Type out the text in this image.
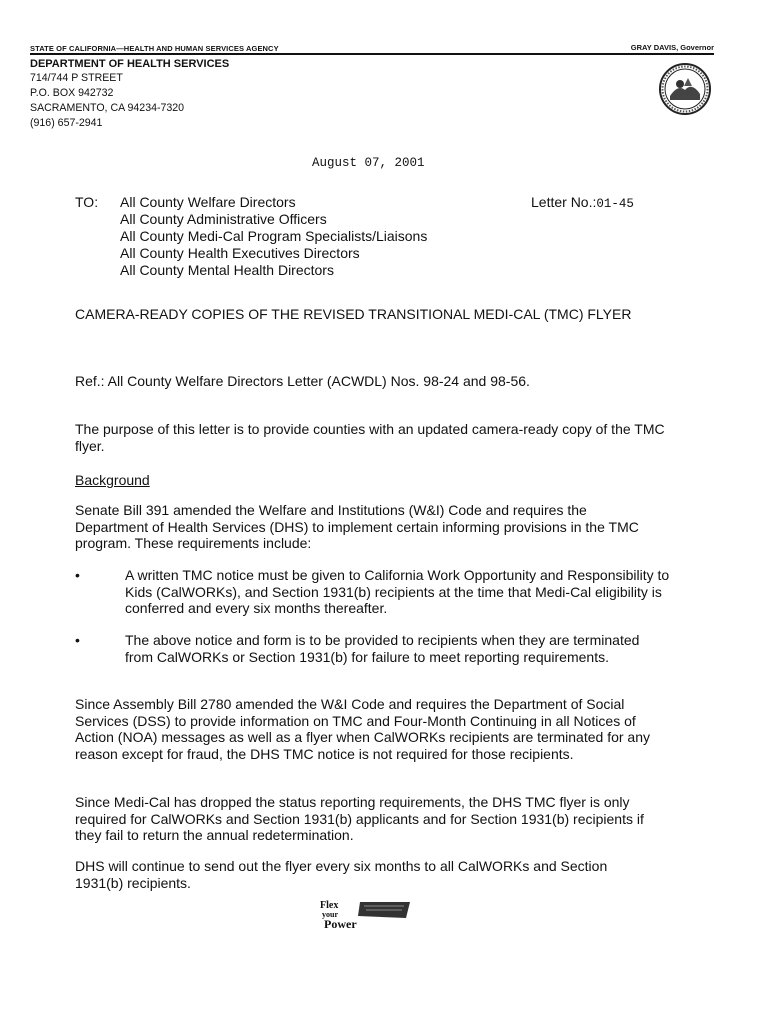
STATE OF CALIFORNIA—HEALTH AND HUMAN SERVICES AGENCY	GRAY DAVIS, Governor
DEPARTMENT OF HEALTH SERVICES
714/744 P STREET
P.O. BOX 942732
SACRAMENTO, CA 94234-7320
(916) 657-2941
August 07, 2001
TO: All County Welfare Directors
All County Administrative Officers
All County Medi-Cal Program Specialists/Liaisons
All County Health Executives Directors
All County Mental Health Directors
Letter No.:01-45
CAMERA-READY COPIES OF THE REVISED TRANSITIONAL MEDI-CAL (TMC) FLYER
Ref.: All County Welfare Directors Letter (ACWDL) Nos. 98-24 and 98-56.
The purpose of this letter is to provide counties with an updated camera-ready copy of the TMC flyer.
Background
Senate Bill 391 amended the Welfare and Institutions (W&I) Code and requires the Department of Health Services (DHS) to implement certain informing provisions in the TMC program. These requirements include:
•	A written TMC notice must be given to California Work Opportunity and Responsibility to Kids (CalWORKs), and Section 1931(b) recipients at the time that Medi-Cal eligibility is conferred and every six months thereafter.
•	The above notice and form is to be provided to recipients when they are terminated from CalWORKs or Section 1931(b) for failure to meet reporting requirements.
Since Assembly Bill 2780 amended the W&I Code and requires the Department of Social Services (DSS) to provide information on TMC and Four-Month Continuing in all Notices of Action (NOA) messages as well as a flyer when CalWORKs recipients are terminated for any reason except for fraud, the DHS TMC notice is not required for those recipients.
Since Medi-Cal has dropped the status reporting requirements, the DHS TMC flyer is only required for CalWORKs and Section 1931(b) applicants and for Section 1931(b) recipients if they fail to return the annual redetermination.
DHS will continue to send out the flyer every six months to all CalWORKs and Section 1931(b) recipients.
Flex
your
Power
